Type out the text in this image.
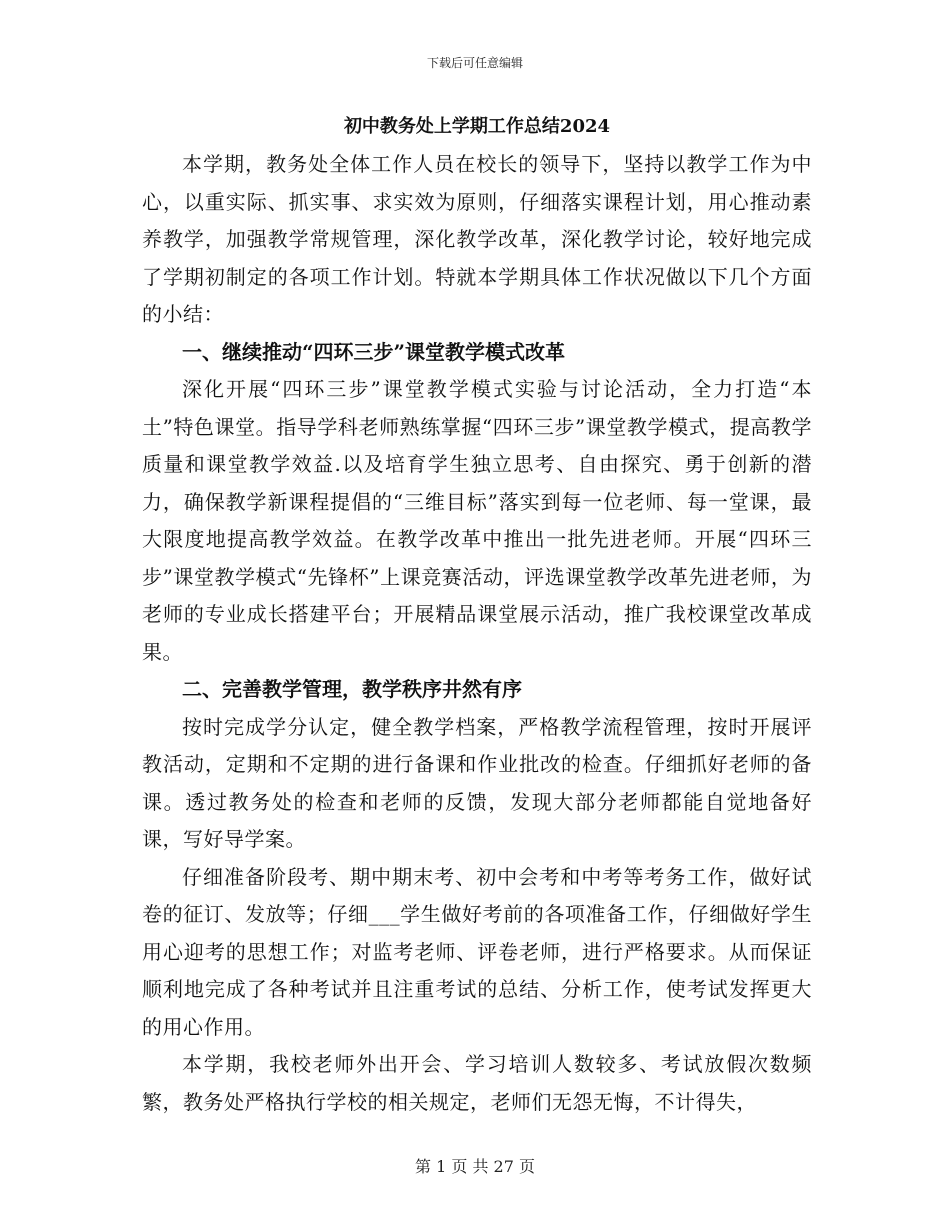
下载后可任意编辑
初中教务处上学期工作总结2024

本学期，教务处全体工作人员在校长的领导下，坚持以教学工作为中心，以重实际、抓实事、求实效为原则，仔细落实课程计划，用心推动素养教学，加强教学常规管理，深化教学改革，深化教学讨论，较好地完成了学期初制定的各项工作计划。特就本学期具体工作状况做以下几个方面的小结：

一、继续推动“四环三步”课堂教学模式改革

深化开展“四环三步”课堂教学模式实验与讨论活动，全力打造“本土”特色课堂。指导学科老师熟练掌握“四环三步”课堂教学模式，提高教学质量和课堂教学效益.以及培育学生独立思考、自由探究、勇于创新的潜力，确保教学新课程提倡的“三维目标”落实到每一位老师、每一堂课，最大限度地提高教学效益。在教学改革中推出一批先进老师。开展“四环三步”课堂教学模式“先锋杯”上课竞赛活动，评选课堂教学改革先进老师，为老师的专业成长搭建平台；开展精品课堂展示活动，推广我校课堂改革成果。

二、完善教学管理，教学秩序井然有序

按时完成学分认定，健全教学档案，严格教学流程管理，按时开展评教活动，定期和不定期的进行备课和作业批改的检查。仔细抓好老师的备课。透过教务处的检查和老师的反馈，发现大部分老师都能自觉地备好课，写好导学案。

仔细准备阶段考、期中期末考、初中会考和中考等考务工作，做好试卷的征订、发放等；仔细___学生做好考前的各项准备工作，仔细做好学生用心迎考的思想工作；对监考老师、评卷老师，进行严格要求。从而保证顺利地完成了各种考试并且注重考试的总结、分析工作，使考试发挥更大的用心作用。

本学期，我校老师外出开会、学习培训人数较多、考试放假次数频繁，教务处严格执行学校的相关规定，老师们无怨无悔，不计得失，

第 1 页 共 27 页
